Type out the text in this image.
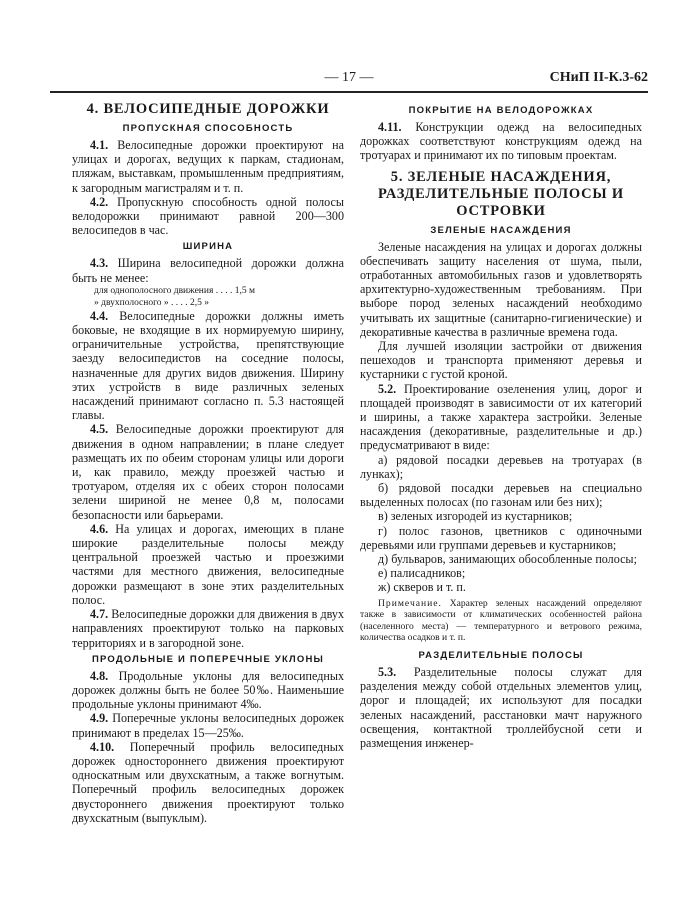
— 17 —	СНиП II-К.3-62
4. ВЕЛОСИПЕДНЫЕ ДОРОЖКИ
ПРОПУСКНАЯ СПОСОБНОСТЬ

4.1. Велосипедные дорожки проектируют на улицах и дорогах, ведущих к паркам, стадионам, пляжам, выставкам, промышленным предприятиям, к загородным магистралям и т. п.

4.2. Пропускную способность одной полосы велодорожки принимают равной 200—300 велосипедов в час.

ШИРИНА

4.3. Ширина велосипедной дорожки должна быть не менее:

для однополосного движения . . . . 1,5 м
» двухполосного » . . . . 2,5 »

4.4. Велосипедные дорожки должны иметь боковые, не входящие в их нормируемую ширину, ограничительные устройства, препятствующие заезду велосипедистов на соседние полосы, назначенные для других видов движения. Ширину этих устройств в виде различных зеленых насаждений принимают согласно п. 5.3 настоящей главы.

4.5. Велосипедные дорожки проектируют для движения в одном направлении; в плане следует размещать их по обеим сторонам улицы или дороги и, как правило, между проезжей частью и тротуаром, отделяя их с обеих сторон полосами зелени шириной не менее 0,8 м, полосами безопасности или барьерами.

4.6. На улицах и дорогах, имеющих в плане широкие разделительные полосы между центральной проезжей частью и проезжими частями для местного движения, велосипедные дорожки размещают в зоне этих разделительных полос.

4.7. Велосипедные дорожки для движения в двух направлениях проектируют только на парковых территориях и в загородной зоне.

ПРОДОЛЬНЫЕ И ПОПЕРЕЧНЫЕ УКЛОНЫ

4.8. Продольные уклоны для велосипедных дорожек должны быть не более 50‰. Наименьшие продольные уклоны принимают 4‰.

4.9. Поперечные уклоны велосипедных дорожек принимают в пределах 15—25‰.

4.10. Поперечный профиль велосипедных дорожек одностороннего движения проектируют односкатным или двухскатным, а также вогнутым. Поперечный профиль велосипедных дорожек двустороннего движения проектируют только двухскатным (выпуклым).

ПОКРЫТИЕ НА ВЕЛОДОРОЖКАХ

4.11. Конструкции одежд на велосипедных дорожках соответствуют конструкциям одежд на тротуарах и принимают их по типовым проектам.

5. ЗЕЛЕНЫЕ НАСАЖДЕНИЯ, РАЗДЕЛИТЕЛЬНЫЕ ПОЛОСЫ И ОСТРОВКИ
ЗЕЛЕНЫЕ НАСАЖДЕНИЯ

Зеленые насаждения на улицах и дорогах должны обеспечивать защиту населения от шума, пыли, отработанных автомобильных газов и удовлетворять архитектурно-художественным требованиям. При выборе пород зеленых насаждений необходимо учитывать их защитные (санитарно-гигиенические) и декоративные качества в различные времена года.

Для лучшей изоляции застройки от движения пешеходов и транспорта применяют деревья и кустарники с густой кроной.

5.2. Проектирование озеленения улиц, дорог и площадей производят в зависимости от их категорий и ширины, а также характера застройки. Зеленые насаждения (декоративные, разделительные и др.) предусматривают в виде:

а) рядовой посадки деревьев на тротуарах (в лунках);
б) рядовой посадки деревьев на специально выделенных полосах (по газонам или без них);
в) зеленых изгородей из кустарников;
г) полос газонов, цветников с одиночными деревьями или группами деревьев и кустарников;
д) бульваров, занимающих обособленные полосы;
е) палисадников;
ж) скверов и т. п.

Примечание. Характер зеленых насаждений определяют также в зависимости от климатических особенностей района (населенного места) — температурного и ветрового режима, количества осадков и т. п.

РАЗДЕЛИТЕЛЬНЫЕ ПОЛОСЫ

5.3. Разделительные полосы служат для разделения между собой отдельных элементов улиц, дорог и площадей; их используют для посадки зеленых насаждений, расстановки мачт наружного освещения, контактной троллейбусной сети и размещения инженер-
